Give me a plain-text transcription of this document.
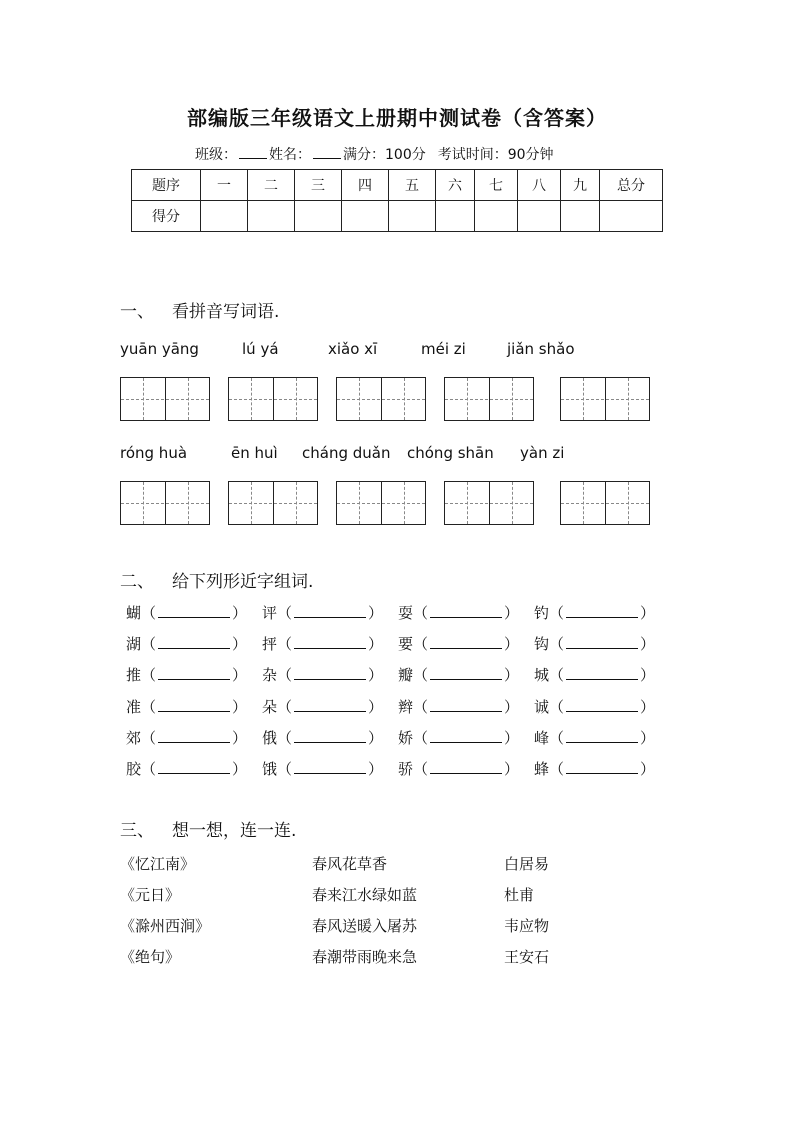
部编版三年级语文上册期中测试卷（含答案）
班级： 姓名： 满分：100分 考试时间：90分钟
题序	一	二	三	四	五	六	七	八	九	总分
得分										
一、 看拼音写词语.
yuān yāng	lú yá	xiǎo xī	méi zi	jiǎn shǎo
róng huà	ēn huì cháng duǎn chóng shān yàn zi
二、 给下列形近字组词.
蝴（	） 评（	） 耍（	） 钓（	）
湖（	） 抨（	） 要（	） 钩（	）
推（	） 杂（	） 瓣（	） 城（	）
准（	） 朵（	） 辫（	） 诚（	）
郊（	） 俄（	） 娇（	） 峰（	）
胶（	） 饿（	） 骄（	） 蜂（	）
三、 想一想，连一连.
《忆江南》	春风花草香	白居易
《元日》	春来江水绿如蓝	杜甫
《滁州西涧》	春风送暖入屠苏	韦应物
《绝句》	春潮带雨晚来急	王安石
